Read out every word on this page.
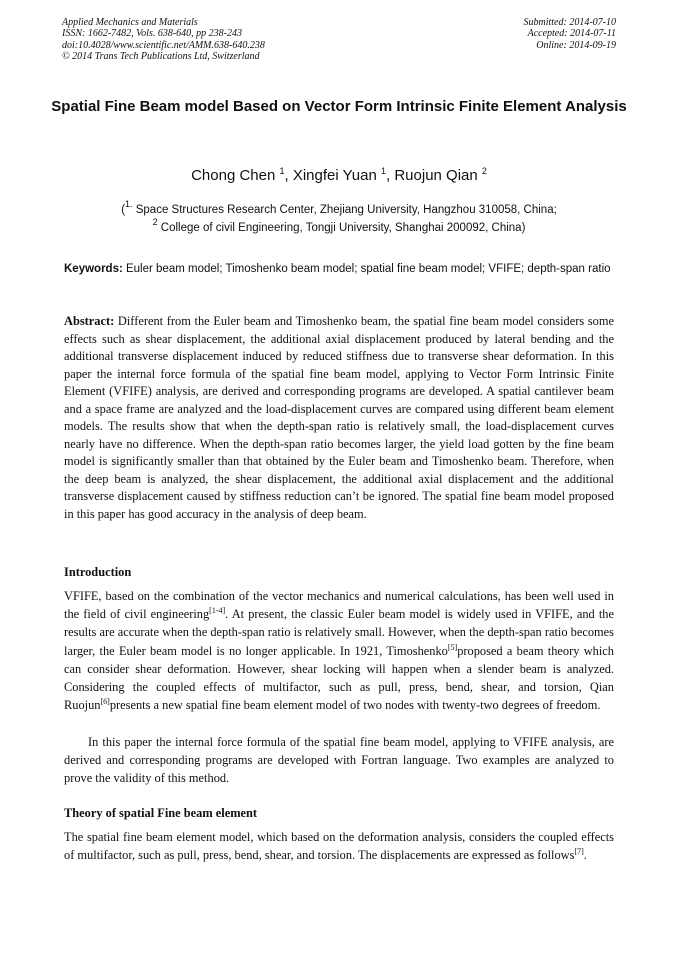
Applied Mechanics and Materials
ISSN: 1662-7482, Vols. 638-640, pp 238-243
doi:10.4028/www.scientific.net/AMM.638-640.238
© 2014 Trans Tech Publications Ltd, Switzerland
Submitted: 2014-07-10
Accepted: 2014-07-11
Online: 2014-09-19
Spatial Fine Beam model Based on Vector Form Intrinsic Finite Element Analysis
Chong Chen $^1$, Xingfei Yuan $^1$, Ruojun Qian $^2$
($^{1.}$ Space Structures Research Center, Zhejiang University, Hangzhou 310058, China;
$^2$ College of civil Engineering, Tongji University, Shanghai 200092, China)
Keywords: Euler beam model; Timoshenko beam model; spatial fine beam model; VFIFE; depth-span ratio
Abstract: Different from the Euler beam and Timoshenko beam, the spatial fine beam model considers some effects such as shear displacement, the additional axial displacement produced by lateral bending and the additional transverse displacement induced by reduced stiffness due to transverse shear deformation. In this paper the internal force formula of the spatial fine beam model, applying to Vector Form Intrinsic Finite Element (VFIFE) analysis, are derived and corresponding programs are developed. A spatial cantilever beam and a space frame are analyzed and the load-displacement curves are compared using different beam element models. The results show that when the depth-span ratio is relatively small, the load-displacement curves nearly have no difference. When the depth-span ratio becomes larger, the yield load gotten by the fine beam model is significantly smaller than that obtained by the Euler beam and Timoshenko beam. Therefore, when the deep beam is analyzed, the shear displacement, the additional axial displacement and the additional transverse displacement caused by stiffness reduction can’t be ignored. The spatial fine beam model proposed in this paper has good accuracy in the analysis of deep beam.
Introduction
VFIFE, based on the combination of the vector mechanics and numerical calculations, has been well used in the field of civil engineering[1-4]. At present, the classic Euler beam model is widely used in VFIFE, and the results are accurate when the depth-span ratio is relatively small. However, when the depth-span ratio becomes larger, the Euler beam model is no longer applicable. In 1921, Timoshenko[5]proposed a beam theory which can consider shear deformation. However, shear locking will happen when a slender beam is analyzed. Considering the coupled effects of multifactor, such as pull, press, bend, shear, and torsion, Qian Ruojun[6]presents a new spatial fine beam element model of two nodes with twenty-two degrees of freedom.
In this paper the internal force formula of the spatial fine beam model, applying to VFIFE analysis, are derived and corresponding programs are developed with Fortran language. Two examples are analyzed to prove the validity of this method.
Theory of spatial Fine beam element
The spatial fine beam element model, which based on the deformation analysis, considers the coupled effects of multifactor, such as pull, press, bend, shear, and torsion. The displacements are expressed as follows[7].
